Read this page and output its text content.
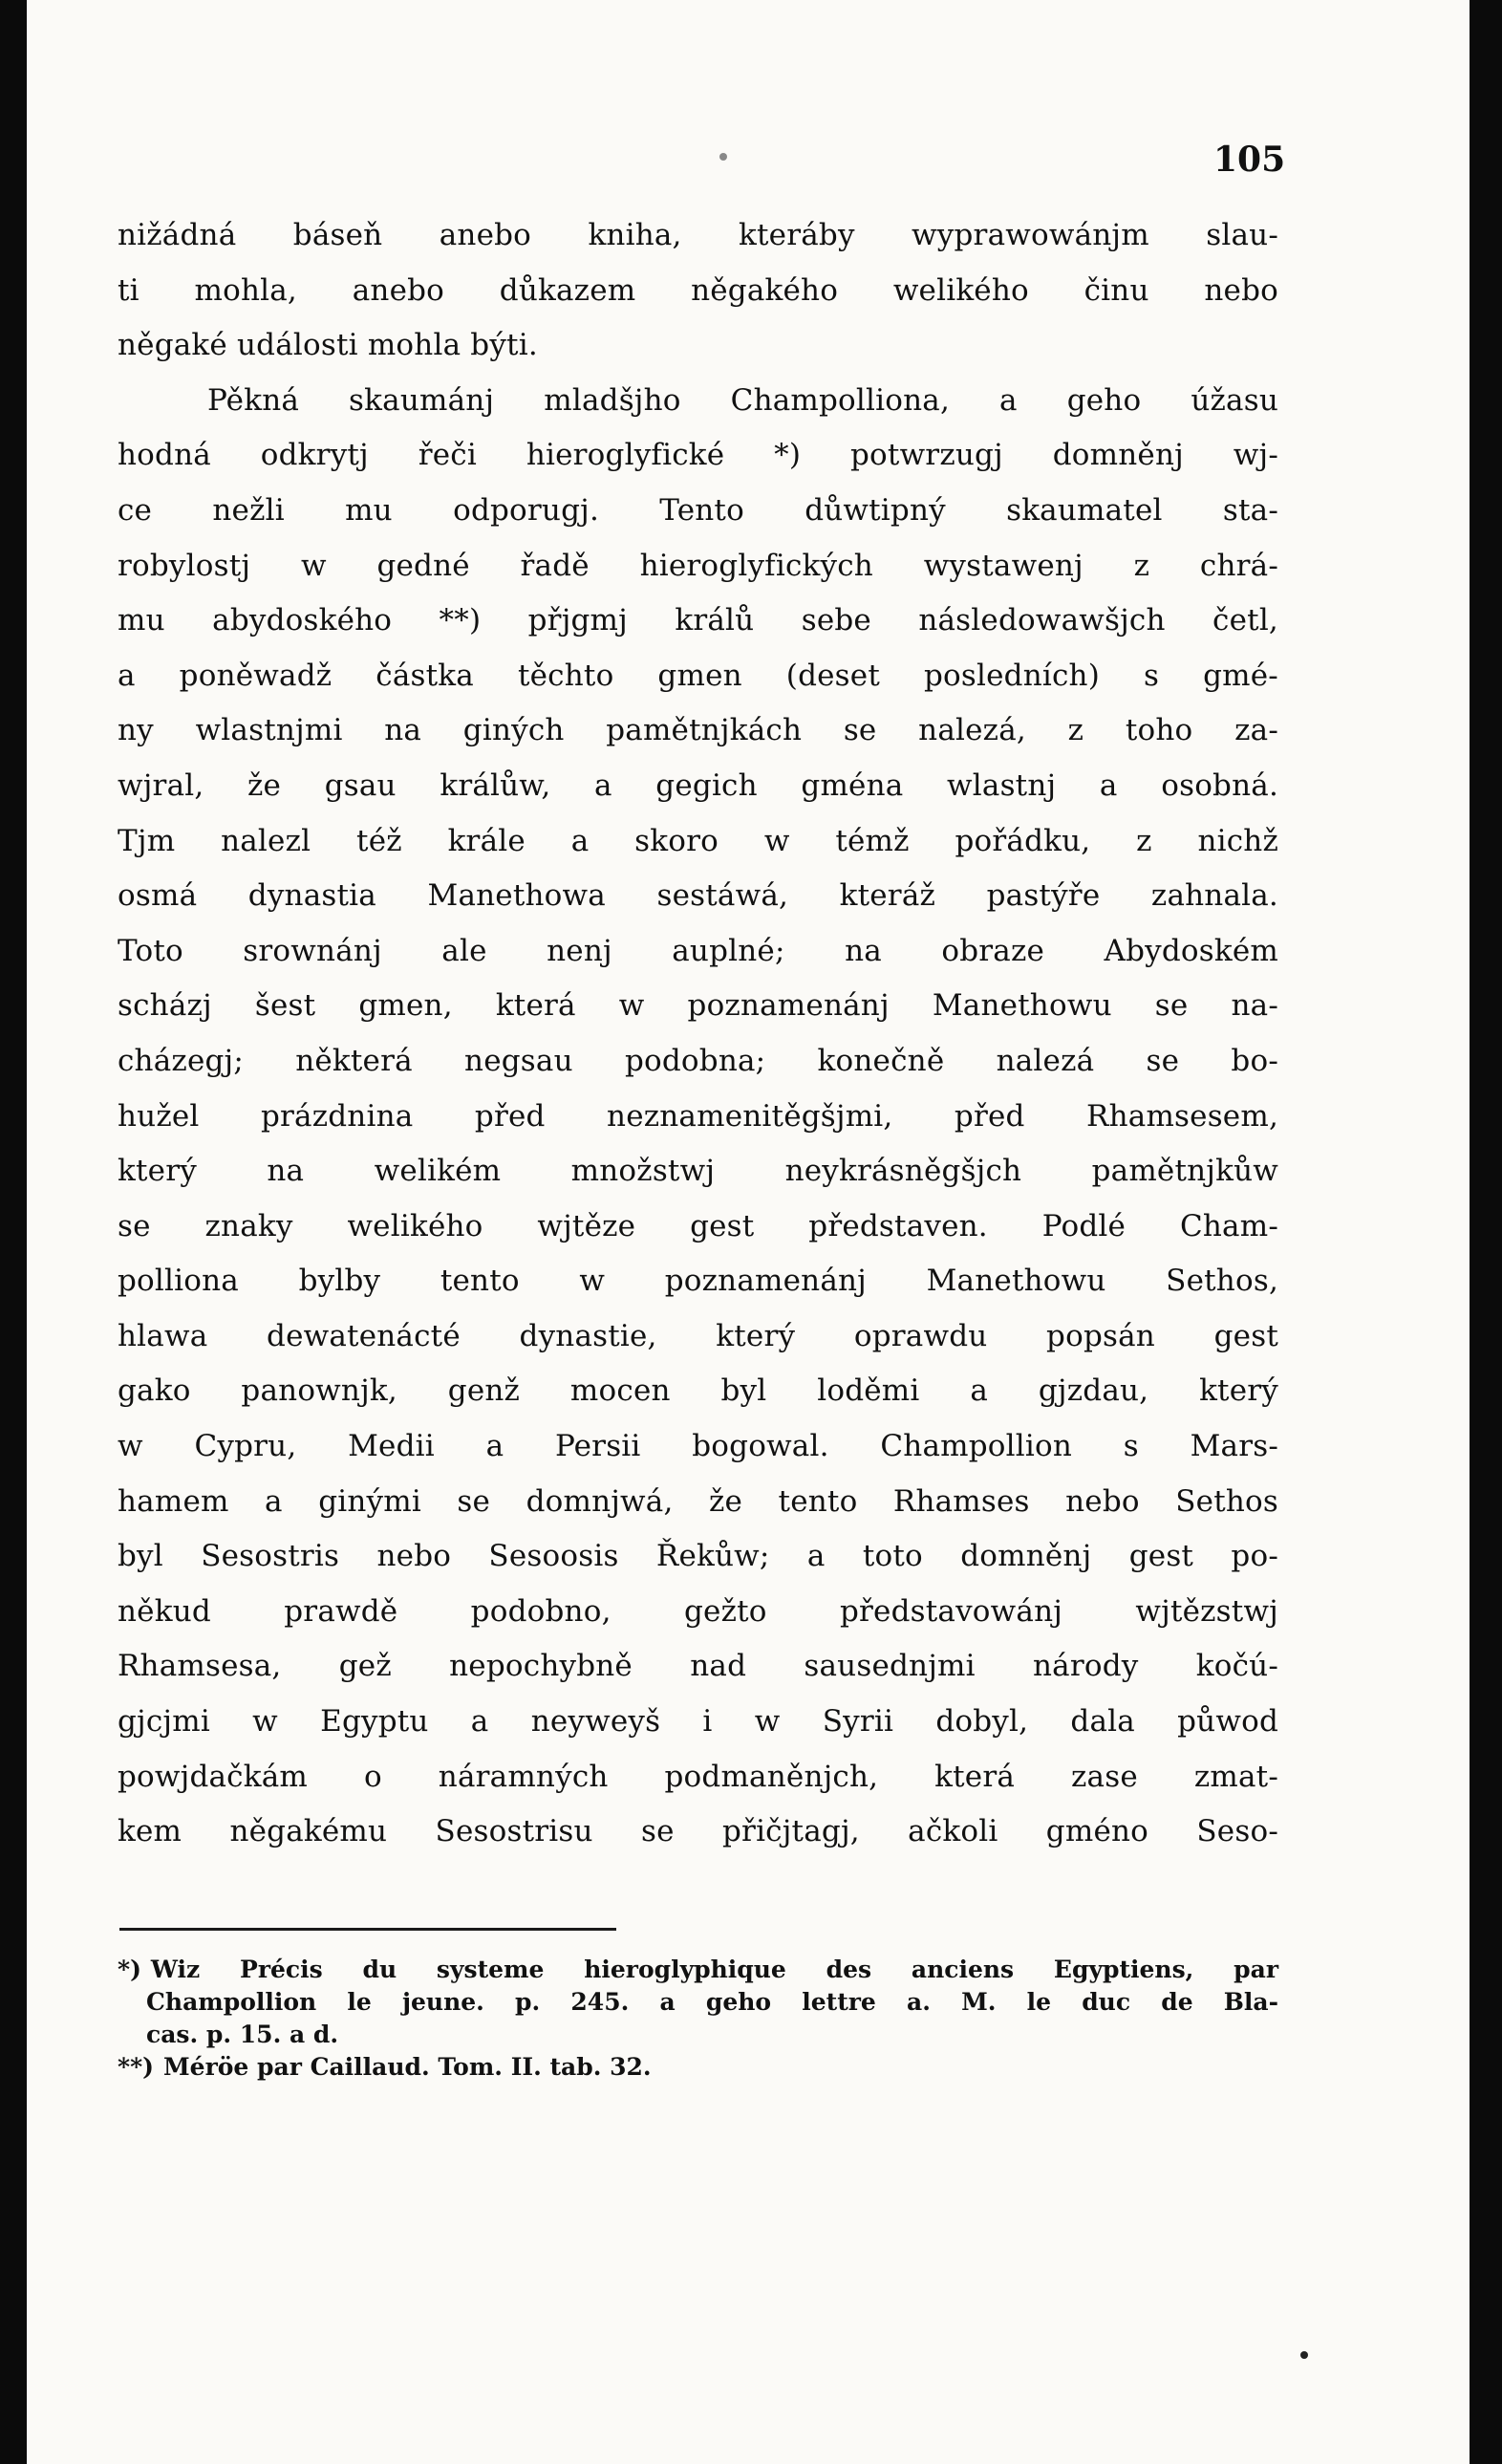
105
nižádná báseň anebo kniha, kteráby wyprawowánjm slau-
ti mohla, anebo důkazem něgakého welikého činu nebo
něgaké události mohla býti.
Pěkná skaumánj mladšjho Champolliona, a geho úžasu
hodná odkrytj řeči hieroglyfické *) potwrzugj domněnj wj-
ce nežli mu odporugj. Tento důwtipný skaumatel sta-
robylostj w gedné řadě hieroglyfických wystawenj z chrá-
mu abydoského **) přjgmj králů sebe následowawšjch četl,
a poněwadž částka těchto gmen (deset posledních) s gmé-
ny wlastnjmi na giných pamětnjkách se nalezá, z toho za-
wjral, že gsau králůw, a gegich gména wlastnj a osobná.
Tjm nalezl též krále a skoro w témž pořádku, z nichž
osmá dynastia Manethowa sestáwá, kteráž pastýře zahnala.
Toto srownánj ale nenj auplné; na obraze Abydoském
scházj šest gmen, která w poznamenánj Manethowu se na-
cházegj; některá negsau podobna; konečně nalezá se bo-
hužel prázdnina před neznamenitěgšjmi, před Rhamsesem,
který na welikém množstwj neykrásněgšjch pamětnjkůw
se znaky welikého wjtěze gest představen. Podlé Cham-
polliona bylby tento w poznamenánj Manethowu Sethos,
hlawa dewatenácté dynastie, který oprawdu popsán gest
gako panownjk, genž mocen byl loděmi a gjzdau, který
w Cypru, Medii a Persii bogowal. Champollion s Mars-
hamem a ginými se domnjwá, že tento Rhamses nebo Sethos
byl Sesostris nebo Sesoosis Řekůw; a toto domněnj gest po-
někud prawdě podobno, gežto představowánj wjtězstwj
Rhamsesa, gež nepochybně nad sausednjmi národy kočú-
gjcjmi w Egyptu a neyweyš i w Syrii dobyl, dala půwod
powjdačkám o náramných podmaněnjch, která zase zmat-
kem něgakému Sesostrisu se přičjtagj, ačkoli gméno Seso-
*) Wiz Précis du systeme hieroglyphique des anciens Egyptiens, par
Champollion le jeune. p. 245. a geho lettre a. M. le duc de Bla-
cas. p. 15. a d.
**) Méröe par Caillaud. Tom. II. tab. 32.
